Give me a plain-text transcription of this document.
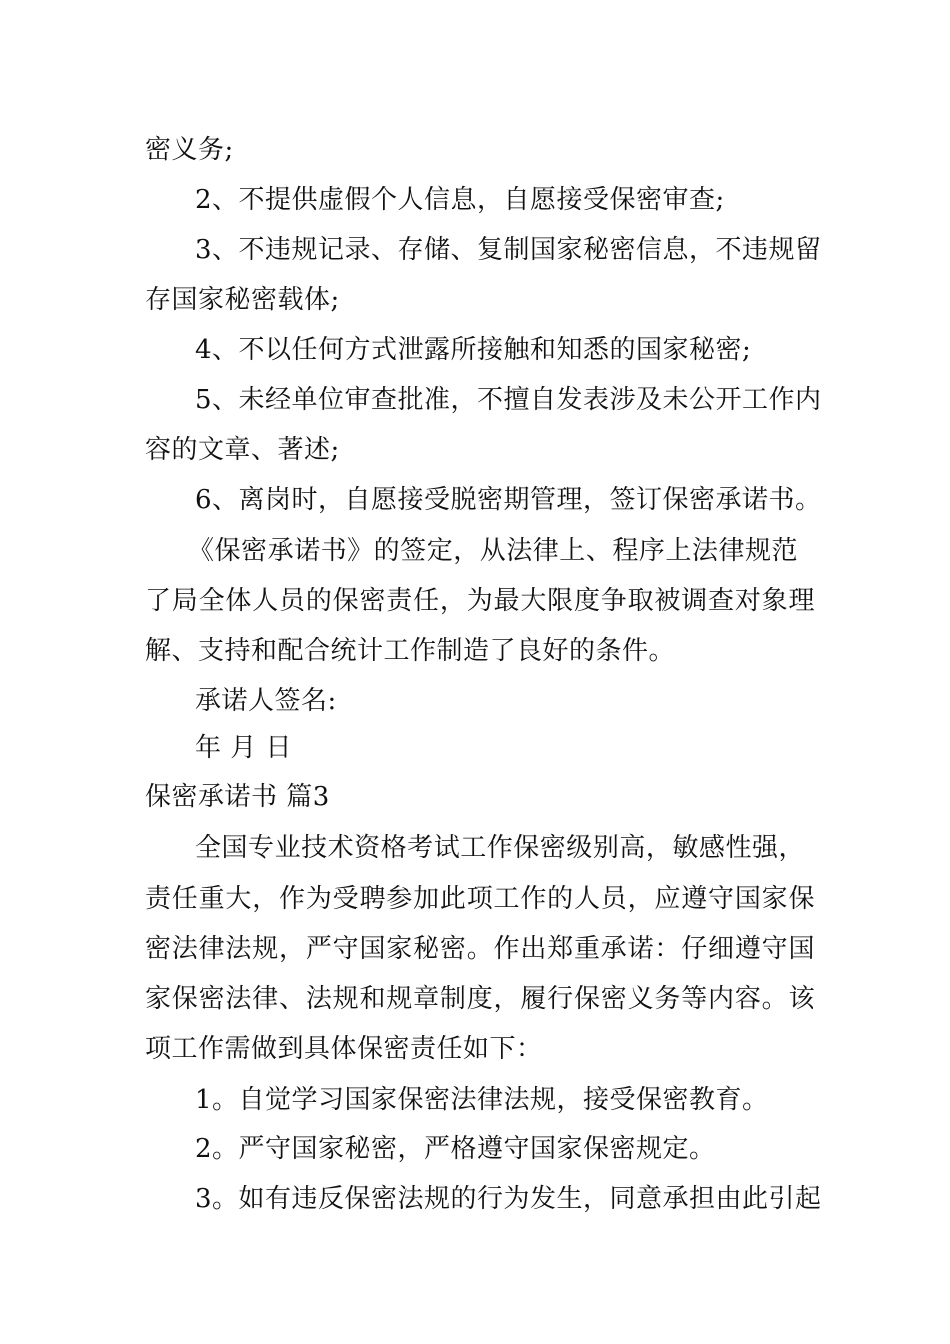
密义务;
2、不提供虚假个人信息，自愿接受保密审查;
3、不违规记录、存储、复制国家秘密信息，不违规留
存国家秘密载体;
4、不以任何方式泄露所接触和知悉的国家秘密;
5、未经单位审查批准，不擅自发表涉及未公开工作内
容的文章、著述;
6、离岗时，自愿接受脱密期管理，签订保密承诺书。
《保密承诺书》的签定，从法律上、程序上法律规范
了局全体人员的保密责任，为最大限度争取被调查对象理
解、支持和配合统计工作制造了良好的条件。
承诺人签名:
年 月 日
保密承诺书 篇3
全国专业技术资格考试工作保密级别高，敏感性强，
责任重大，作为受聘参加此项工作的人员，应遵守国家保
密法律法规，严守国家秘密。作出郑重承诺：仔细遵守国
家保密法律、法规和规章制度，履行保密义务等内容。该
项工作需做到具体保密责任如下：
1。自觉学习国家保密法律法规，接受保密教育。
2。严守国家秘密，严格遵守国家保密规定。
3。如有违反保密法规的行为发生，同意承担由此引起
